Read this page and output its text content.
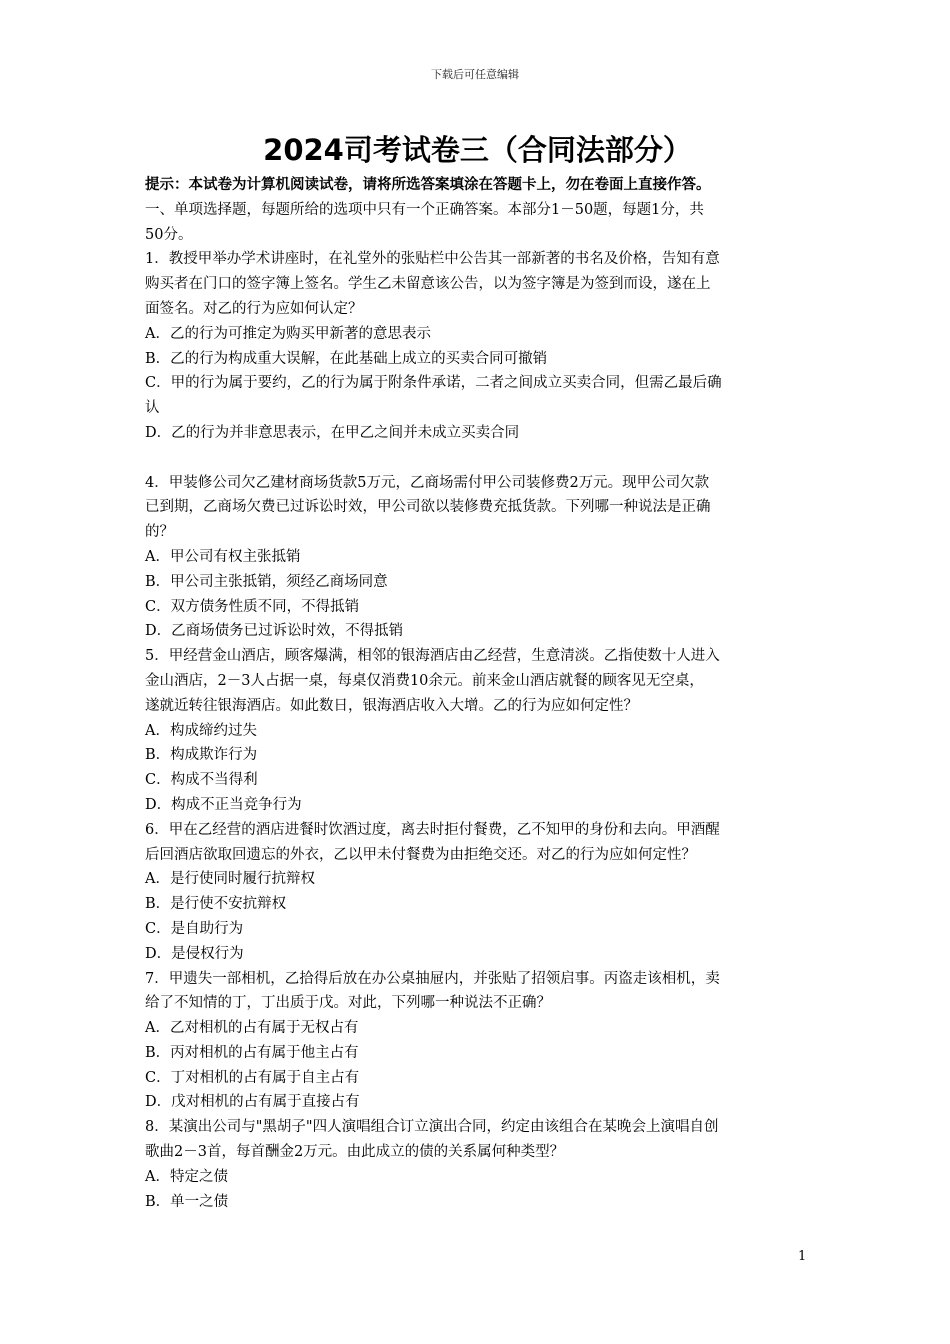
下载后可任意编辑
2024司考试卷三（合同法部分）
提示：本试卷为计算机阅读试卷，请将所选答案填涂在答题卡上，勿在卷面上直接作答。
一、单项选择题，每题所给的选项中只有一个正确答案。本部分1－50题，每题1分，共
50分。
1．教授甲举办学术讲座时，在礼堂外的张贴栏中公告其一部新著的书名及价格，告知有意
购买者在门口的签字簿上签名。学生乙未留意该公告，以为签字簿是为签到而设，遂在上
面签名。对乙的行为应如何认定？
A．乙的行为可推定为购买甲新著的意思表示
B．乙的行为构成重大误解，在此基础上成立的买卖合同可撤销
C．甲的行为属于要约，乙的行为属于附条件承诺，二者之间成立买卖合同，但需乙最后确
认
D．乙的行为并非意思表示，在甲乙之间并未成立买卖合同
4．甲装修公司欠乙建材商场货款5万元，乙商场需付甲公司装修费2万元。现甲公司欠款
已到期，乙商场欠费已过诉讼时效，甲公司欲以装修费充抵货款。下列哪一种说法是正确
的？
A．甲公司有权主张抵销
B．甲公司主张抵销，须经乙商场同意
C．双方债务性质不同，不得抵销
D．乙商场债务已过诉讼时效，不得抵销
5．甲经营金山酒店，顾客爆满，相邻的银海酒店由乙经营，生意清淡。乙指使数十人进入
金山酒店，2－3人占据一桌，每桌仅消费10余元。前来金山酒店就餐的顾客见无空桌，
遂就近转往银海酒店。如此数日，银海酒店收入大增。乙的行为应如何定性？
A．构成缔约过失
B．构成欺诈行为
C．构成不当得利
D．构成不正当竞争行为
6．甲在乙经营的酒店进餐时饮酒过度，离去时拒付餐费，乙不知甲的身份和去向。甲酒醒
后回酒店欲取回遗忘的外衣，乙以甲未付餐费为由拒绝交还。对乙的行为应如何定性？
A．是行使同时履行抗辩权
B．是行使不安抗辩权
C．是自助行为
D．是侵权行为
7．甲遗失一部相机，乙拾得后放在办公桌抽屉内，并张贴了招领启事。丙盗走该相机，卖
给了不知情的丁，丁出质于戊。对此，下列哪一种说法不正确？
A．乙对相机的占有属于无权占有
B．丙对相机的占有属于他主占有
C．丁对相机的占有属于自主占有
D．戊对相机的占有属于直接占有
8．某演出公司与"黑胡子"四人演唱组合订立演出合同，约定由该组合在某晚会上演唱自创
歌曲2－3首，每首酬金2万元。由此成立的债的关系属何种类型？
A．特定之债
B．单一之债
1
